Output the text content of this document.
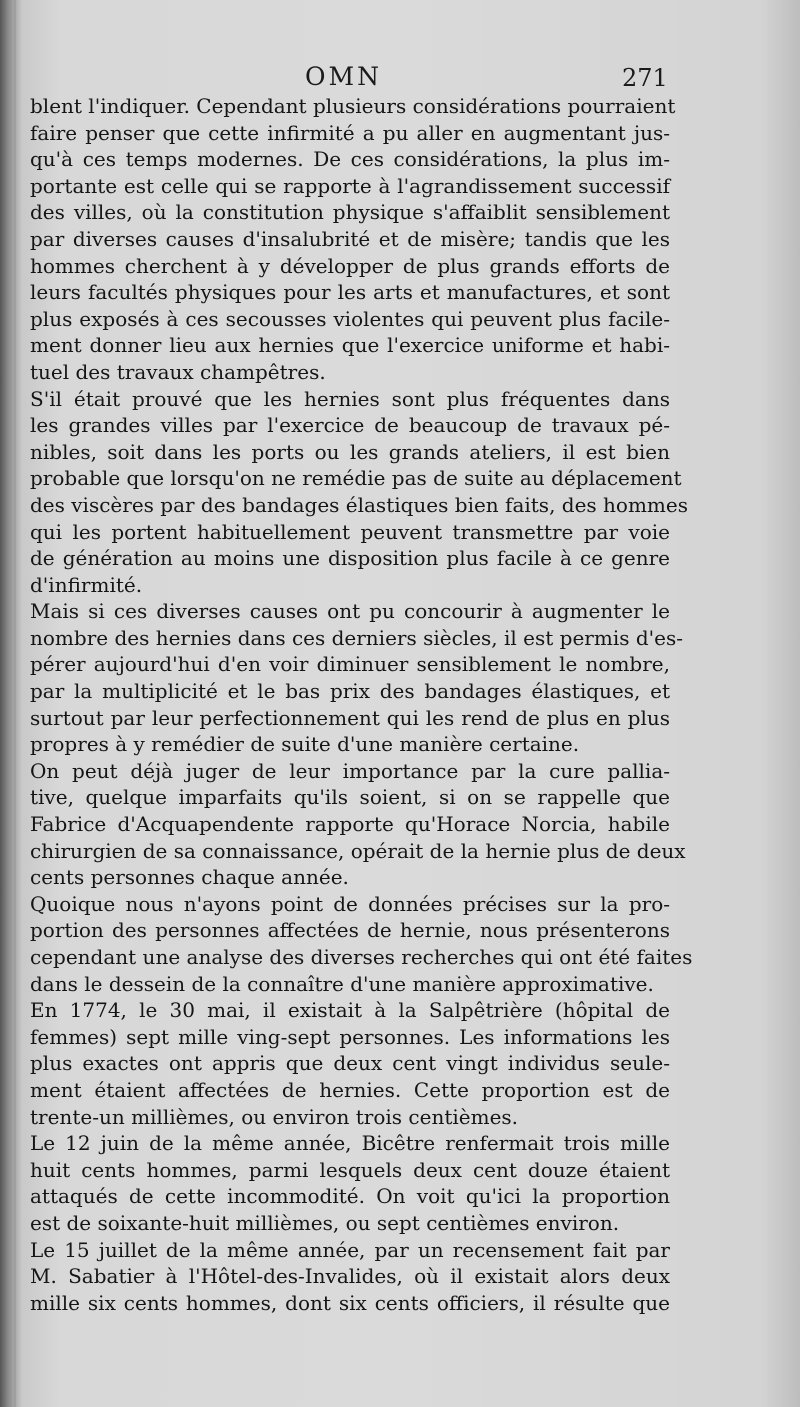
OMN	271
blent l'indiquer. Cependant plusieurs considérations pourraient
faire penser que cette infirmité a pu aller en augmentant jus-
qu'à ces temps modernes. De ces considérations, la plus im-
portante est celle qui se rapporte à l'agrandissement successif
des villes, où la constitution physique s'affaiblit sensiblement
par diverses causes d'insalubrité et de misère; tandis que les
hommes cherchent à y développer de plus grands efforts de
leurs facultés physiques pour les arts et manufactures, et sont
plus exposés à ces secousses violentes qui peuvent plus facile-
ment donner lieu aux hernies que l'exercice uniforme et habi-
tuel des travaux champêtres.
S'il était prouvé que les hernies sont plus fréquentes dans
les grandes villes par l'exercice de beaucoup de travaux pé-
nibles, soit dans les ports ou les grands ateliers, il est bien
probable que lorsqu'on ne remédie pas de suite au déplacement
des viscères par des bandages élastiques bien faits, des hommes
qui les portent habituellement peuvent transmettre par voie
de génération au moins une disposition plus facile à ce genre
d'infirmité.
Mais si ces diverses causes ont pu concourir à augmenter le
nombre des hernies dans ces derniers siècles, il est permis d'es-
pérer aujourd'hui d'en voir diminuer sensiblement le nombre,
par la multiplicité et le bas prix des bandages élastiques, et
surtout par leur perfectionnement qui les rend de plus en plus
propres à y remédier de suite d'une manière certaine.
On peut déjà juger de leur importance par la cure pallia-
tive, quelque imparfaits qu'ils soient, si on se rappelle que
Fabrice d'Acquapendente rapporte qu'Horace Norcia, habile
chirurgien de sa connaissance, opérait de la hernie plus de deux
cents personnes chaque année.
Quoique nous n'ayons point de données précises sur la pro-
portion des personnes affectées de hernie, nous présenterons
cependant une analyse des diverses recherches qui ont été faites
dans le dessein de la connaître d'une manière approximative.
En 1774, le 30 mai, il existait à la Salpêtrière (hôpital de
femmes) sept mille ving-sept personnes. Les informations les
plus exactes ont appris que deux cent vingt individus seule-
ment étaient affectées de hernies. Cette proportion est de
trente-un millièmes, ou environ trois centièmes.
Le 12 juin de la même année, Bicêtre renfermait trois mille
huit cents hommes, parmi lesquels deux cent douze étaient
attaqués de cette incommodité. On voit qu'ici la proportion
est de soixante-huit millièmes, ou sept centièmes environ.
Le 15 juillet de la même année, par un recensement fait par
M. Sabatier à l'Hôtel-des-Invalides, où il existait alors deux
mille six cents hommes, dont six cents officiers, il résulte que
